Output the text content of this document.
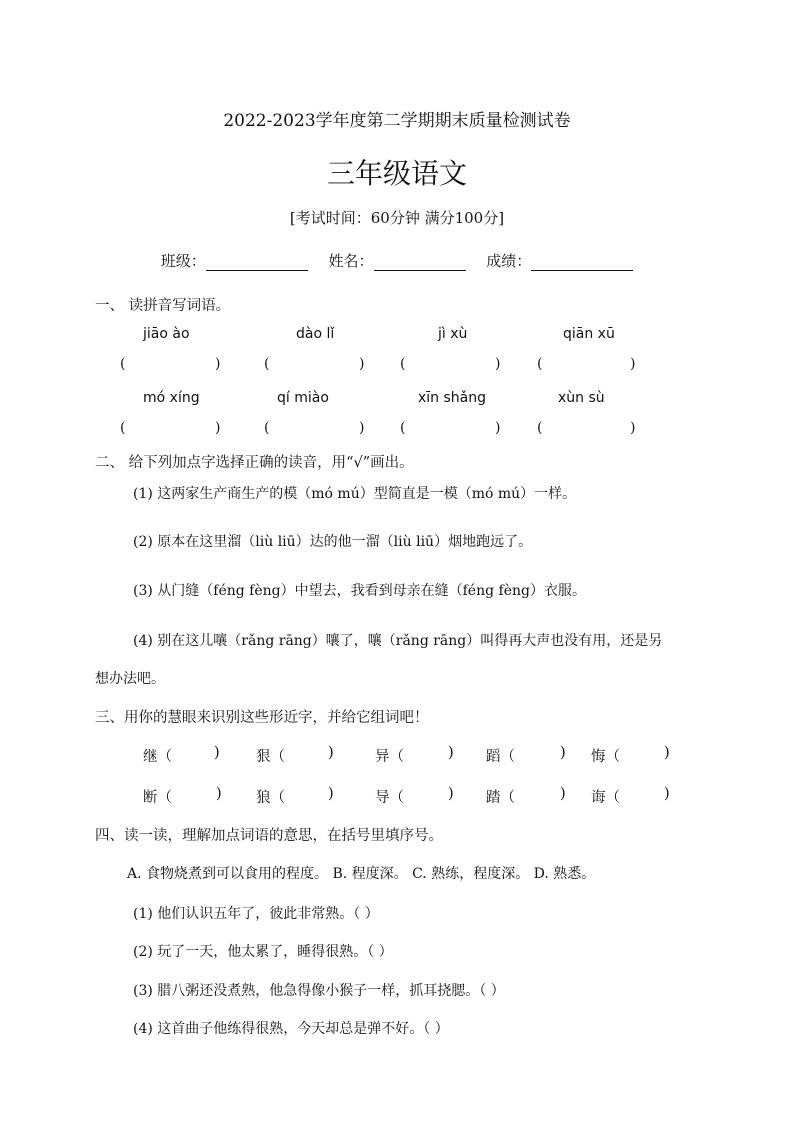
2022-2023学年度第二学期期末质量检测试卷
三年级语文
[考试时间：60分钟 满分100分]
班级：	姓名：	成绩：
一、 读拼音写词语。
jiāo ào	dào lǐ	jì xù	qiān xū
(	)	(	)	(	)	(	)
mó xíng	qí miào	xīn shǎng	xùn sù
(	)	(	)	(	)	(	)
二、 给下列加点字选择正确的读音，用“√”画出。
(1) 这两家生产商生产的模（mó mú）型简直是一模（mó mú）一样。
(2) 原本在这里溜（liù liū）达的他一溜（liù liū）烟地跑远了。
(3) 从门缝（féng fèng）中望去，我看到母亲在缝（féng fèng）衣服。
(4) 别在这儿嚷（rǎng rāng）嚷了，嚷（rǎng rāng）叫得再大声也没有用，还是另
想办法吧。
三、用你的慧眼来识别这些形近字，并给它组词吧！
继（	)	狠（	)	异（	) 蹈（	) 悔（	)
断（	) 狼（	)	导（	) 踏（	) 诲（	)
四、读一读，理解加点词语的意思，在括号里填序号。
A. 食物烧煮到可以食用的程度。 B. 程度深。 C. 熟练，程度深。 D. 熟悉。
(1) 他们认识五年了，彼此非常熟。（ ）
(2) 玩了一天，他太累了，睡得很熟。（ ）
(3) 腊八粥还没煮熟，他急得像小猴子一样，抓耳挠腮。（ ）
(4) 这首曲子他练得很熟，今天却总是弹不好。（ ）
